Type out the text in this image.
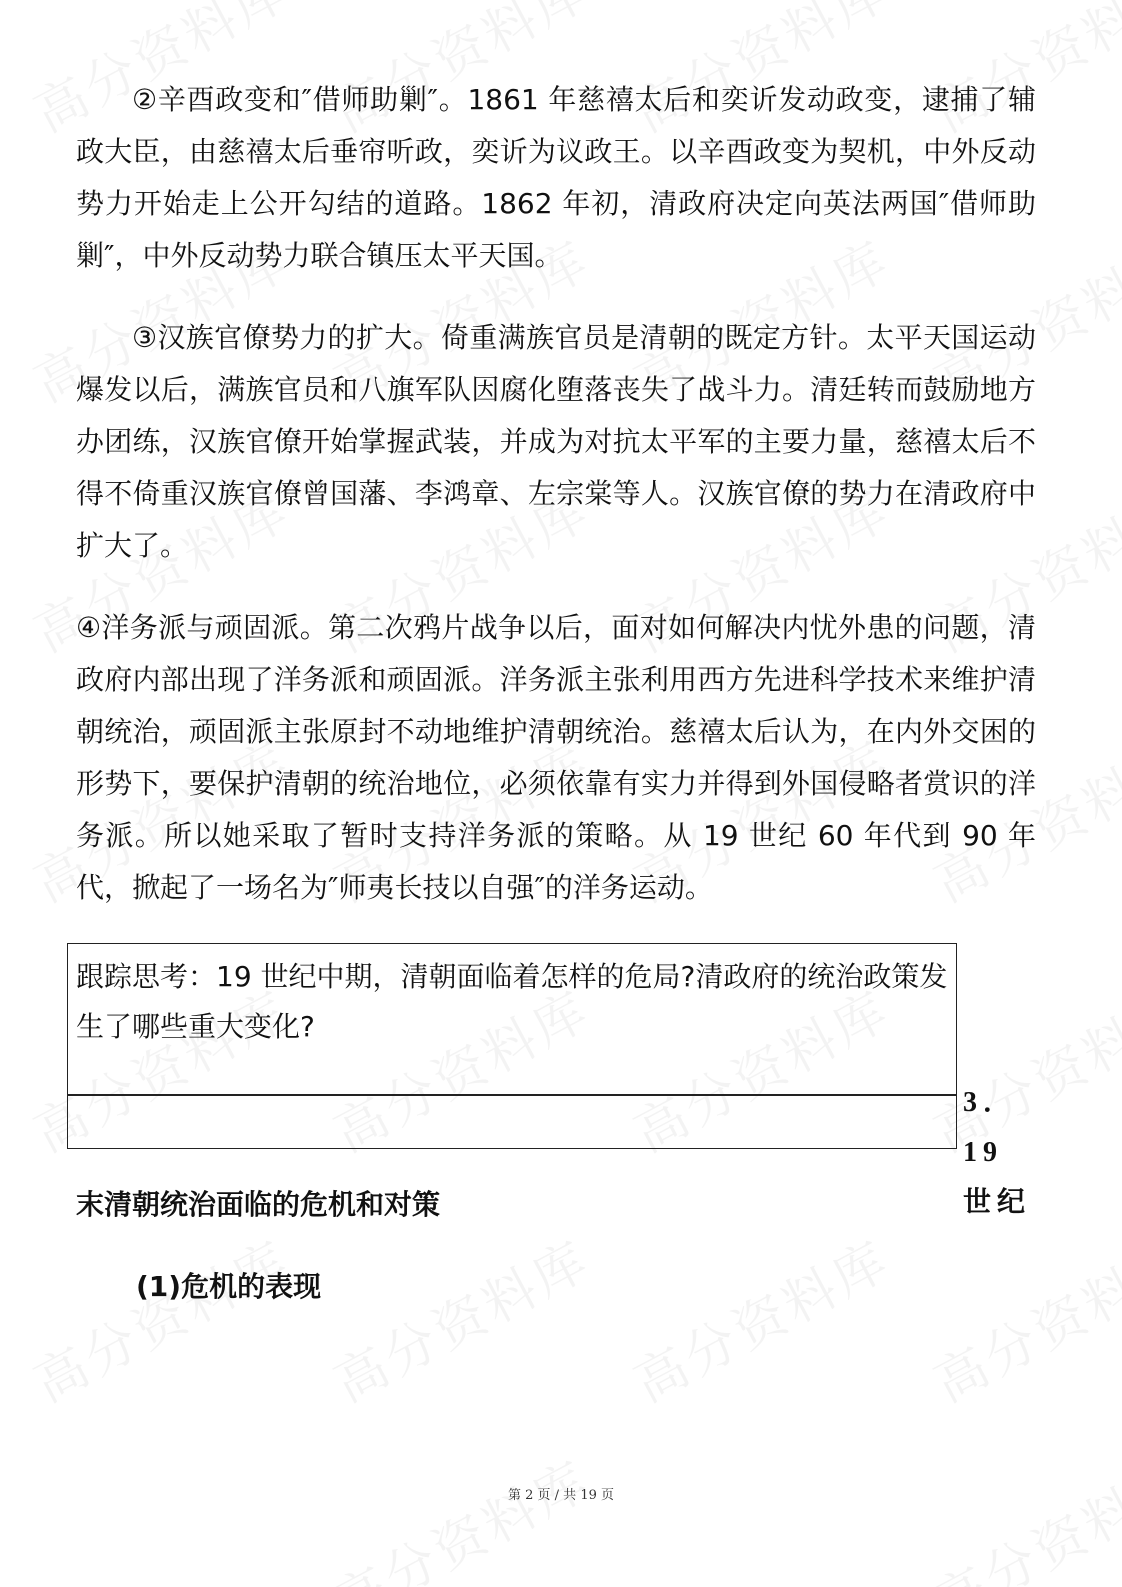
②辛酉政变和″借师助剿″。1861 年慈禧太后和奕䜣发动政变，逮捕了辅政大臣，由慈禧太后垂帘听政，奕䜣为议政王。以辛酉政变为契机，中外反动势力开始走上公开勾结的道路。1862 年初，清政府决定向英法两国″借师助剿″，中外反动势力联合镇压太平天国。

③汉族官僚势力的扩大。倚重满族官员是清朝的既定方针。太平天国运动爆发以后，满族官员和八旗军队因腐化堕落丧失了战斗力。清廷转而鼓励地方办团练，汉族官僚开始掌握武装，并成为对抗太平军的主要力量，慈禧太后不得不倚重汉族官僚曾国藩、李鸿章、左宗棠等人。汉族官僚的势力在清政府中扩大了。

④洋务派与顽固派。第二次鸦片战争以后，面对如何解决内忧外患的问题，清政府内部出现了洋务派和顽固派。洋务派主张利用西方先进科学技术来维护清朝统治，顽固派主张原封不动地维护清朝统治。慈禧太后认为，在内外交困的形势下，要保护清朝的统治地位，必须依靠有实力并得到外国侵略者赏识的洋务派。所以她采取了暂时支持洋务派的策略。从 19 世纪 60 年代到 90 年代，掀起了一场名为″师夷长技以自强″的洋务运动。

跟踪思考：19 世纪中期，清朝面临着怎样的危局?清政府的统治政策发生了哪些重大变化?
3．19 世纪
末清朝统治面临的危机和对策
(1)危机的表现
第 2 页 / 共 19 页
